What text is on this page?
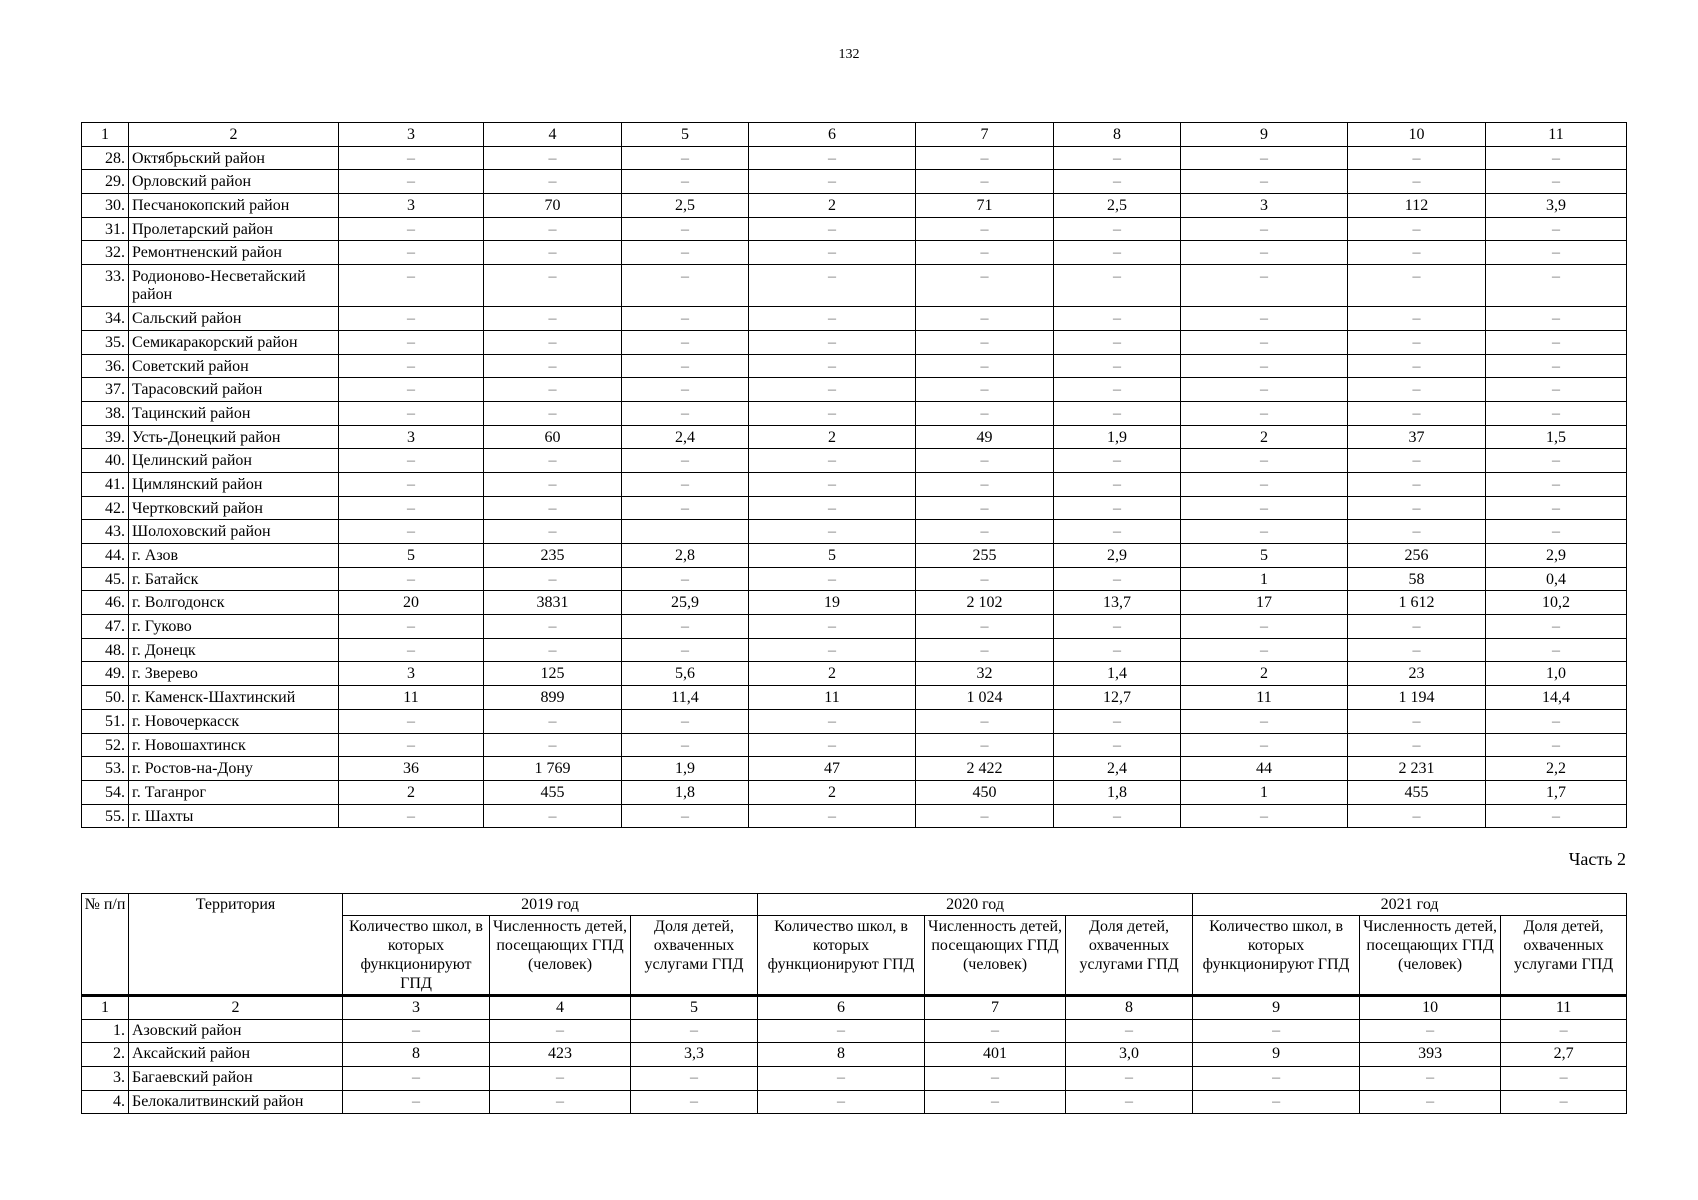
132
1	2	3	4	5	6	7	8	9	10	11
28.	Октябрьский район	–	–	–	–	–	–	–	–	–
29.	Орловский район	–	–	–	–	–	–	–	–	–
30.	Песчанокопский район	3	70	2,5	2	71	2,5	3	112	3,9
31.	Пролетарский район	–	–	–	–	–	–	–	–	–
32.	Ремонтненский район	–	–	–	–	–	–	–	–	–
33.	Родионово-Несветайский район	–	–	–	–	–	–	–	–	–
34.	Сальский район	–	–	–	–	–	–	–	–	–
35.	Семикаракорский район	–	–	–	–	–	–	–	–	–
36.	Советский район	–	–	–	–	–	–	–	–	–
37.	Тарасовский район	–	–	–	–	–	–	–	–	–
38.	Тацинский район	–	–	–	–	–	–	–	–	–
39.	Усть-Донецкий район	3	60	2,4	2	49	1,9	2	37	1,5
40.	Целинский район	–	–	–	–	–	–	–	–	–
41.	Цимлянский район	–	–	–	–	–	–	–	–	–
42.	Чертковский район	–	–	–	–	–	–	–	–	–
43.	Шолоховский район	–	–		–	–	–	–	–	–
44.	г. Азов	5	235	2,8	5	255	2,9	5	256	2,9
45.	г. Батайск	–	–	–	–	–	–	1	58	0,4
46.	г. Волгодонск	20	3831	25,9	19	2 102	13,7	17	1 612	10,2
47.	г. Гуково	–	–	–	–	–	–	–	–	–
48.	г. Донецк	–	–	–	–	–	–	–	–	–
49.	г. Зверево	3	125	5,6	2	32	1,4	2	23	1,0
50.	г. Каменск-Шахтинский	11	899	11,4	11	1 024	12,7	11	1 194	14,4
51.	г. Новочеркасск	–	–	–	–	–	–	–	–	–
52.	г. Новошахтинск	–	–	–	–	–	–	–	–	–
53.	г. Ростов-на-Дону	36	1 769	1,9	47	2 422	2,4	44	2 231	2,2
54.	г. Таганрог	2	455	1,8	2	450	1,8	1	455	1,7
55.	г. Шахты	–	–	–	–	–	–	–	–	–
Часть 2
№ п/п	Территория	2019 год			2020 год			2021 год		
		Количество школ, в которых функционируют ГПД	Численность детей, посещающих ГПД (человек)	Доля детей, охваченных услугами ГПД	Количество школ, в которых функционируют ГПД	Численность детей, посещающих ГПД (человек)	Доля детей, охваченных услугами ГПД	Количество школ, в которых функционируют ГПД	Численность детей, посещающих ГПД (человек)	Доля детей, охваченных услугами ГПД
1	2	3	4	5	6	7	8	9	10	11
1.	Азовский район	–	–	–	–	–	–	–	–	–
2.	Аксайский район	8	423	3,3	8	401	3,0	9	393	2,7
3.	Багаевский район	–	–	–	–	–	–	–	–	–
4.	Белокалитвинский район	–	–	–	–	–	–	–	–	–
